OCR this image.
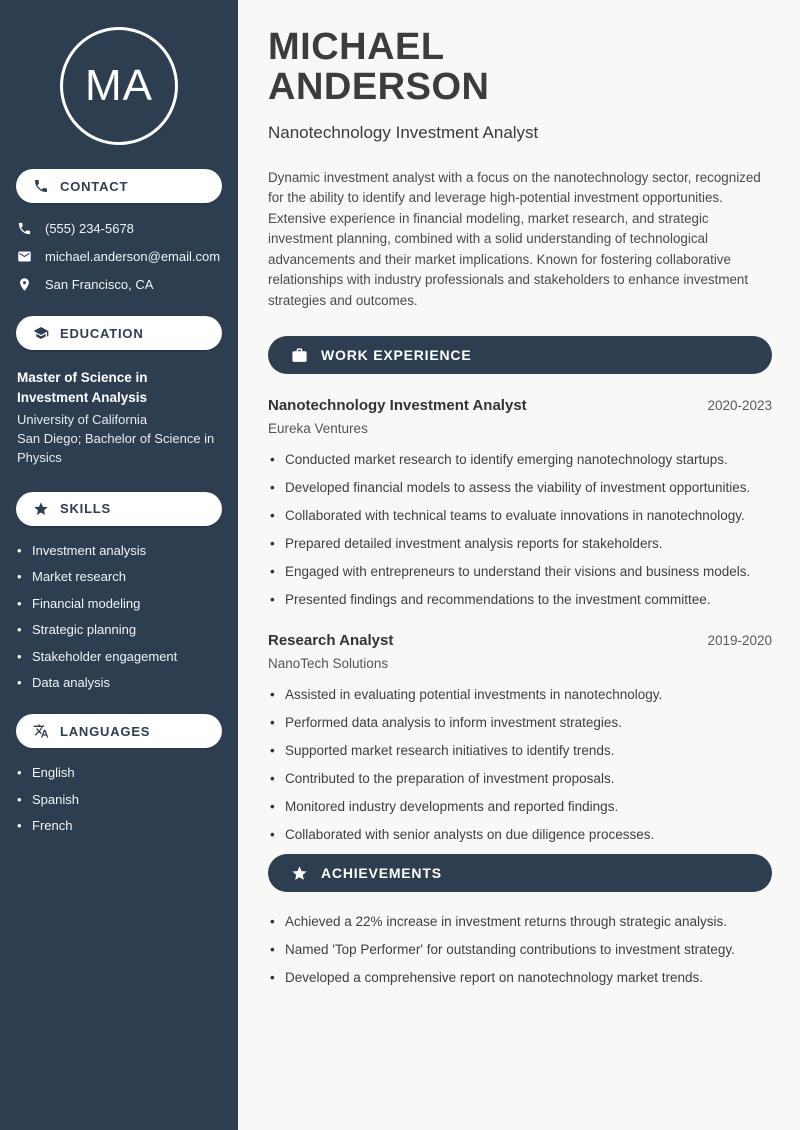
MA
CONTACT
(555) 234-5678
michael.anderson@email.com
San Francisco, CA
EDUCATION
Master of Science in Investment Analysis
University of California
San Diego; Bachelor of Science in Physics
SKILLS
• Investment analysis
• Market research
• Financial modeling
• Strategic planning
• Stakeholder engagement
• Data analysis
LANGUAGES
• English
• Spanish
• French
MICHAEL
ANDERSON
Nanotechnology Investment Analyst

Dynamic investment analyst with a focus on the nanotechnology sector, recognized for the ability to identify and leverage high-potential investment opportunities. Extensive experience in financial modeling, market research, and strategic investment planning, combined with a solid understanding of technological advancements and their market implications. Known for fostering collaborative relationships with industry professionals and stakeholders to enhance investment strategies and outcomes.

WORK EXPERIENCE
Nanotechnology Investment Analyst	2020-2023
Eureka Ventures
• Conducted market research to identify emerging nanotechnology startups.
• Developed financial models to assess the viability of investment opportunities.
• Collaborated with technical teams to evaluate innovations in nanotechnology.
• Prepared detailed investment analysis reports for stakeholders.
• Engaged with entrepreneurs to understand their visions and business models.
• Presented findings and recommendations to the investment committee.
Research Analyst	2019-2020
NanoTech Solutions
• Assisted in evaluating potential investments in nanotechnology.
• Performed data analysis to inform investment strategies.
• Supported market research initiatives to identify trends.
• Contributed to the preparation of investment proposals.
• Monitored industry developments and reported findings.
• Collaborated with senior analysts on due diligence processes.
ACHIEVEMENTS
• Achieved a 22% increase in investment returns through strategic analysis.
• Named 'Top Performer' for outstanding contributions to investment strategy.
• Developed a comprehensive report on nanotechnology market trends.
